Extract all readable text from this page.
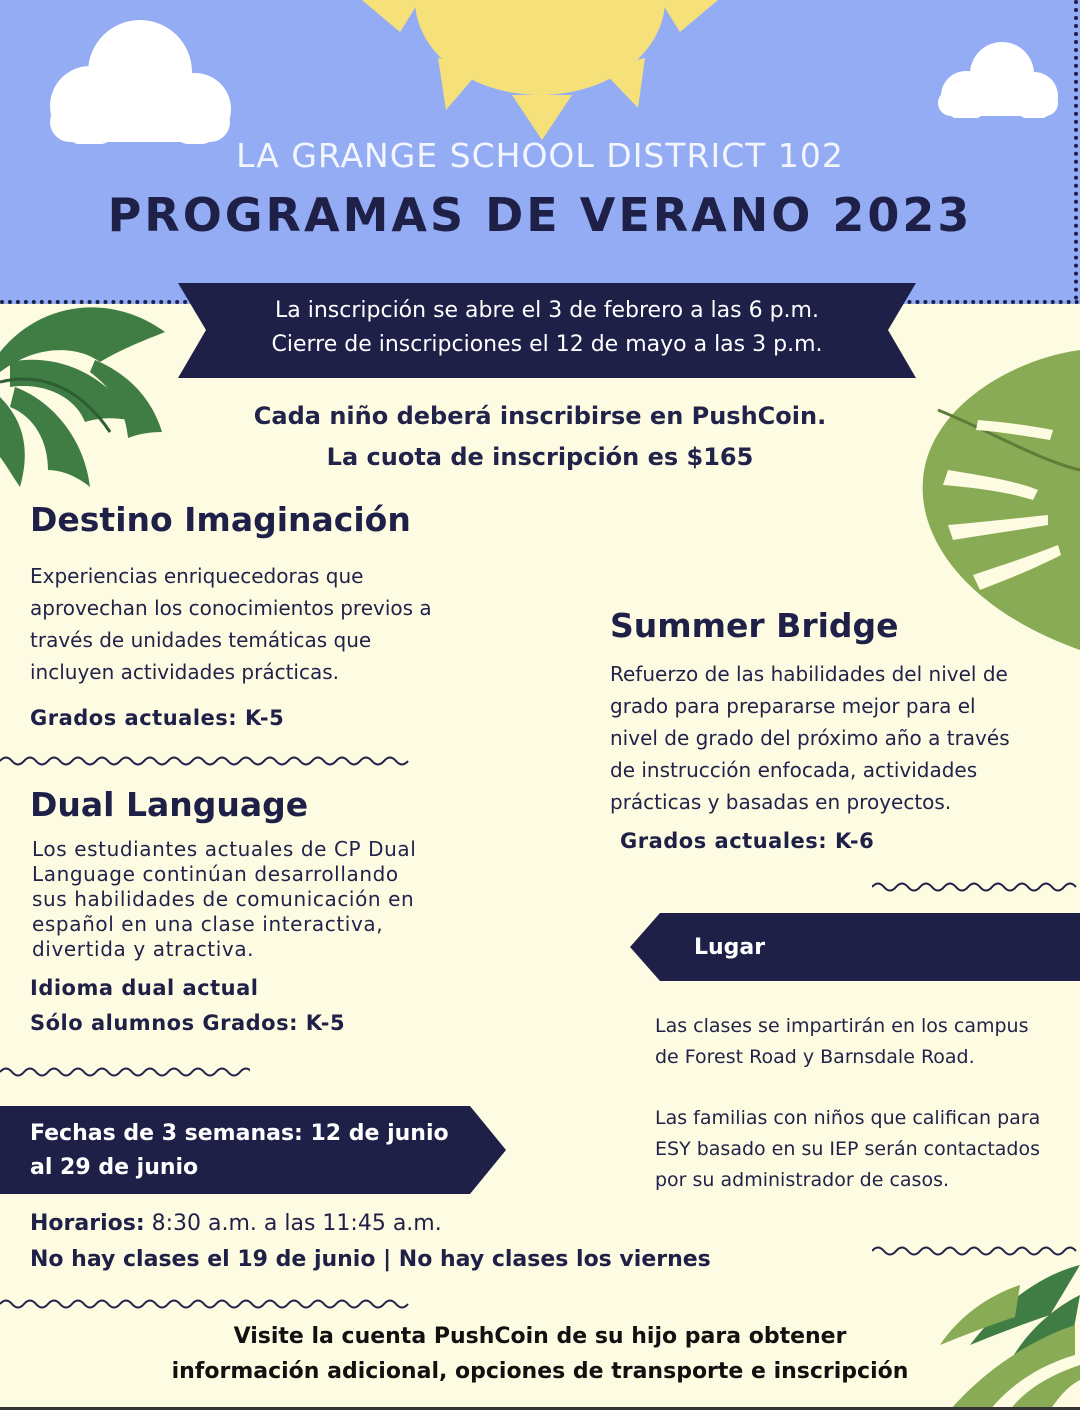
LA GRANGE SCHOOL DISTRICT 102
PROGRAMAS DE VERANO 2023
La inscripción se abre el 3 de febrero a las 6 p.m.
Cierre de inscripciones el 12 de mayo a las 3 p.m.
Cada niño deberá inscribirse en PushCoin.
La cuota de inscripción es $165
Destino Imaginación
Experiencias enriquecedoras que
aprovechan los conocimientos previos a
través de unidades temáticas que
incluyen actividades prácticas.
Grados actuales: K-5
Summer Bridge
Refuerzo de las habilidades del nivel de
grado para prepararse mejor para el
nivel de grado del próximo año a través
de instrucción enfocada, actividades
prácticas y basadas en proyectos.
Grados actuales: K-6
Dual Language
Los estudiantes actuales de CP Dual
Language continúan desarrollando
sus habilidades de comunicación en
español en una clase interactiva,
divertida y atractiva.
Idioma dual actual
Sólo alumnos Grados: K-5
Lugar
Las clases se impartirán en los campus
de Forest Road y Barnsdale Road.
Las familias con niños que califican para
ESY basado en su IEP serán contactados
por su administrador de casos.
Fechas de 3 semanas: 12 de junio
al 29 de junio
Horarios: 8:30 a.m. a las 11:45 a.m.
No hay clases el 19 de junio | No hay clases los viernes
Visite la cuenta PushCoin de su hijo para obtener
información adicional, opciones de transporte e inscripción
